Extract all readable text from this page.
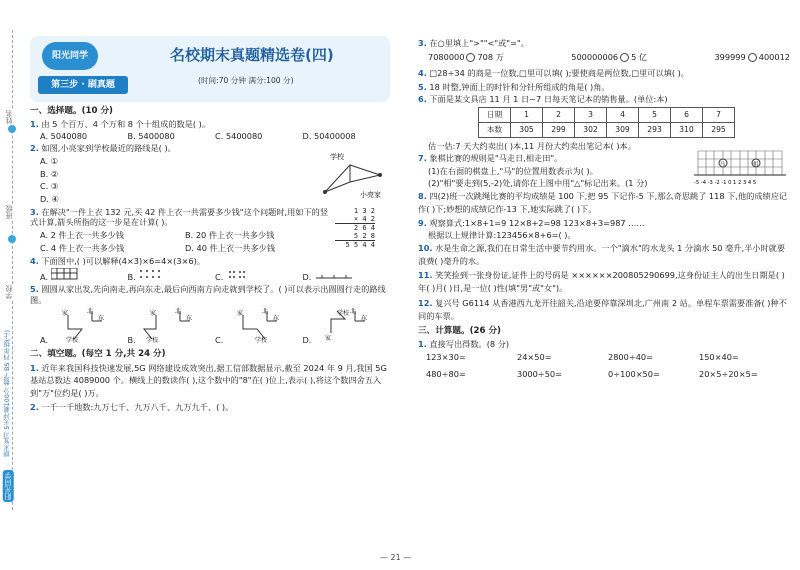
姓名
班级
学校
期末复习 5天冲刺100分 数学 BS 四年级(上)
阳光同学
阳光同学
第三步 · 刷真题
名校期末真题精选卷(四)
(时间:70 分钟 满分:100 分)
一、选择题。(10 分)
1. 由 5 个百万、4 个万和 8 个十组成的数是( )。
A. 5040080	B. 5400080	C. 5400080	D. 50400008
2. 如图,小亮家到学校最近的路线是( )。
A. ①
B. ②
C. ③
D. ④
学校
小亮家
3. 在解决"一件上衣 132 元,买 42 件上衣一共需要多少钱"这个问题时,用如下的竖式计算,箭头所指的这一步是在计算( )。
A. 2 件上衣一共多少钱	B. 20 件上衣一共多少钱
C. 4 件上衣一共多少钱	D. 40 件上衣一共多少钱
1 3 2
× 4 2
2 6 4
5 2 8
5 5 4 4
4. 下面图中,( )可以解释(4×3)×6=4×(3×6)。
A.	B.	C.	D.
5. 圆圆从家出发,先向南走,再向东走,最后向西南方向走就到学校了。( )可以表示出圆圆行走的路线图。
A.
家	北
东
学校	B.
家	北
东
学校	C.
家	北
东
学校	D. 家
北
东
学校
二、填空题。(每空 1 分,共 24 分)
1. 近年来我国科技快速发展,5G 网络建设成效突出,据工信部数据显示,截至 2024 年 9 月,我国 5G 基站总数达 4089000 个。横线上的数读作( ),这个数中的"8"在( )位上,表示( ),将这个数四舍五入到"万"位约是( )万。
2. 一千一千地数:九万七千、九万八千、九万九千、( )。
3. 在○里填上">""<"或"="。
7080000 708 万	500000006 5 亿	399999 400012
4. □28÷34 的商是一位数,□里可以填( );要使商是两位数,□里可以填( )。
5. 18 时整,钟面上的时针和分针所组成的角是( )角。
6. 下面是某文具店 11 月 1 日~7 日每天笔记本的销售量。(单位:本)
日期	1	2	3	4	5	6	7
本数	305	299	302	309	293	310	295
估一估:7 天大约卖出( )本,11 月份大约卖出笔记本( )本。
7. 象棋比赛的规则是"马走日,相走田"。
(1)在右面的棋盘上,"马"的位置用数表示为( )。
(2)"相"要走到(5,-2)处,请你在上图中用"△"标记出来。(1 分)
马	相
-5 -4 -3 -2 -1 0 1 2 3 4 5
8. 四(2)班一次跳绳比赛的平均成绩是 100 下,把 95 下记作-5 下,那么奇思跳了 118 下,他的成绩应记作( )下;妙想的成绩记作-13 下,她实际跳了( )下。
9. 观察算式:1×8+1=9 12×8+2=98 123×8+3=987 ……
根据以上规律计算:123456×8+6=( )。
10. 水是生命之源,我们在日常生活中要节约用水。一个"滴水"的水龙头 1 分滴水 50 毫升,半小时就要浪费( )毫升的水。
11. 笑笑捡到一张身份证,证件上的号码是 ××××××200805290699,这身份证主人的出生日期是( )年( )月( )日,是一位( )性(填"男"或"女")。
12. 复兴号 G6114 从香港西九龙开往韶关,沿途要停靠深圳北,广州南 2 站。单程车票需要准备( )种不同的车票。
三、计算题。(26 分)
1. 直接写出得数。(8 分)
123×30=	24×50=	2800÷40=	150×40=
480÷80=	3000÷50=	0÷100×50=	20×5÷20×5=
— 21 —
